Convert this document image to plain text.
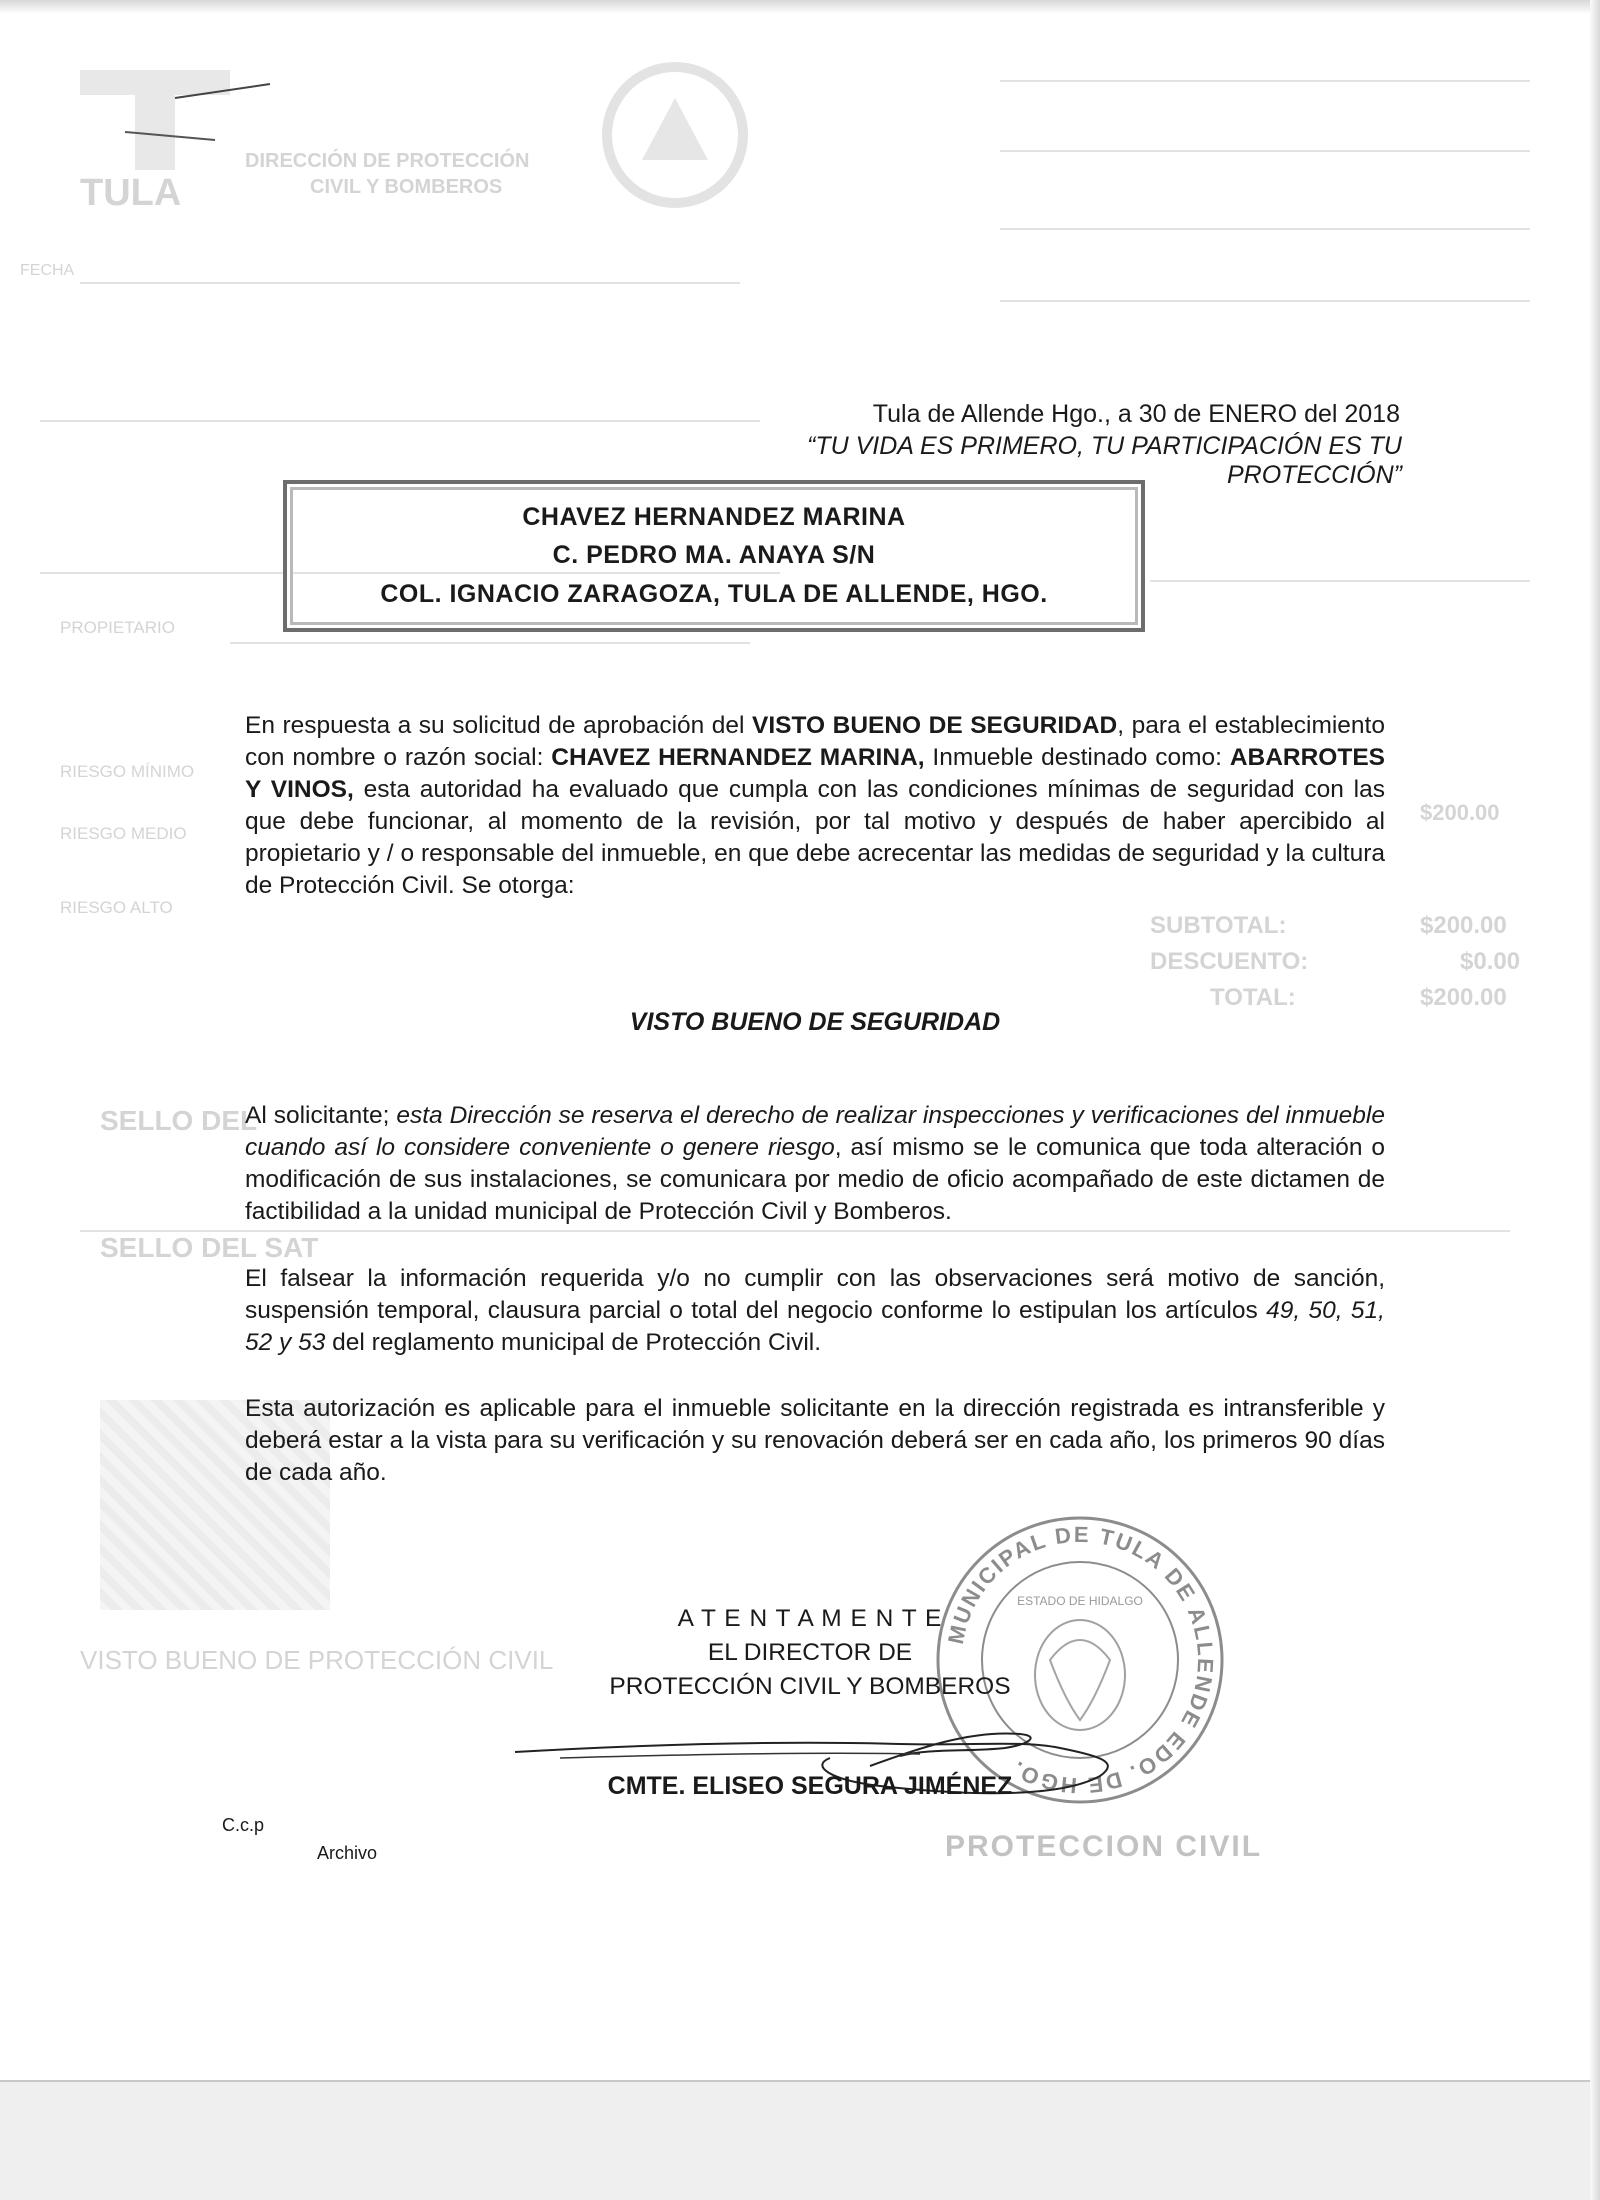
TULA
DIRECCIÓN DE PROTECCIÓN
CIVIL Y BOMBEROS
FECHA
PROPIETARIO
RIESGO MÍNIMO
RIESGO MEDIO
RIESGO ALTO
SUBTOTAL:
DESCUENTO:
TOTAL:
$200.00
$200.00
$0.00
$200.00
SELLO DEL
SELLO DEL SAT
VISTO BUENO DE PROTECCIÓN CIVIL
Tula de Allende Hgo., a 30 de ENERO del 2018
“TU VIDA ES PRIMERO, TU PARTICIPACIÓN ES TU PROTECCIÓN”
CHAVEZ HERNANDEZ MARINA
C. PEDRO MA. ANAYA S/N
COL. IGNACIO ZARAGOZA, TULA DE ALLENDE, HGO.
En respuesta a su solicitud de aprobación del VISTO BUENO DE SEGURIDAD, para el establecimiento con nombre o razón social: CHAVEZ HERNANDEZ MARINA, Inmueble destinado como: ABARROTES Y VINOS, esta autoridad ha evaluado que cumpla con las condiciones mínimas de seguridad con las que debe funcionar, al momento de la revisión, por tal motivo y después de haber apercibido al propietario y / o responsable del inmueble, en que debe acrecentar las medidas de seguridad y la cultura de Protección Civil. Se otorga:
VISTO BUENO DE SEGURIDAD
Al solicitante; esta Dirección se reserva el derecho de realizar inspecciones y verificaciones del inmueble cuando así lo considere conveniente o genere riesgo, así mismo se le comunica que toda alteración o modificación de sus instalaciones, se comunicara por medio de oficio acompañado de este dictamen de factibilidad a la unidad municipal de Protección Civil y Bomberos.
El falsear la información requerida y/o no cumplir con las observaciones será motivo de sanción, suspensión temporal, clausura parcial o total del negocio conforme lo estipulan los artículos 49, 50, 51, 52 y 53 del reglamento municipal de Protección Civil.
Esta autorización es aplicable para el inmueble solicitante en la dirección registrada es intransferible y deberá estar a la vista para su verificación y su renovación deberá ser en cada año, los primeros 90 días de cada año.
MUNICIPAL DE TULA DE ALLENDE EDO. DE HGO.
ESTADO DE HIDALGO
PROTECCION CIVIL
A T E N T A M E N T E
EL DIRECTOR DE
PROTECCIÓN CIVIL Y BOMBEROS
CMTE. ELISEO SEGURA JIMÉNEZ
C.c.p
Archivo
